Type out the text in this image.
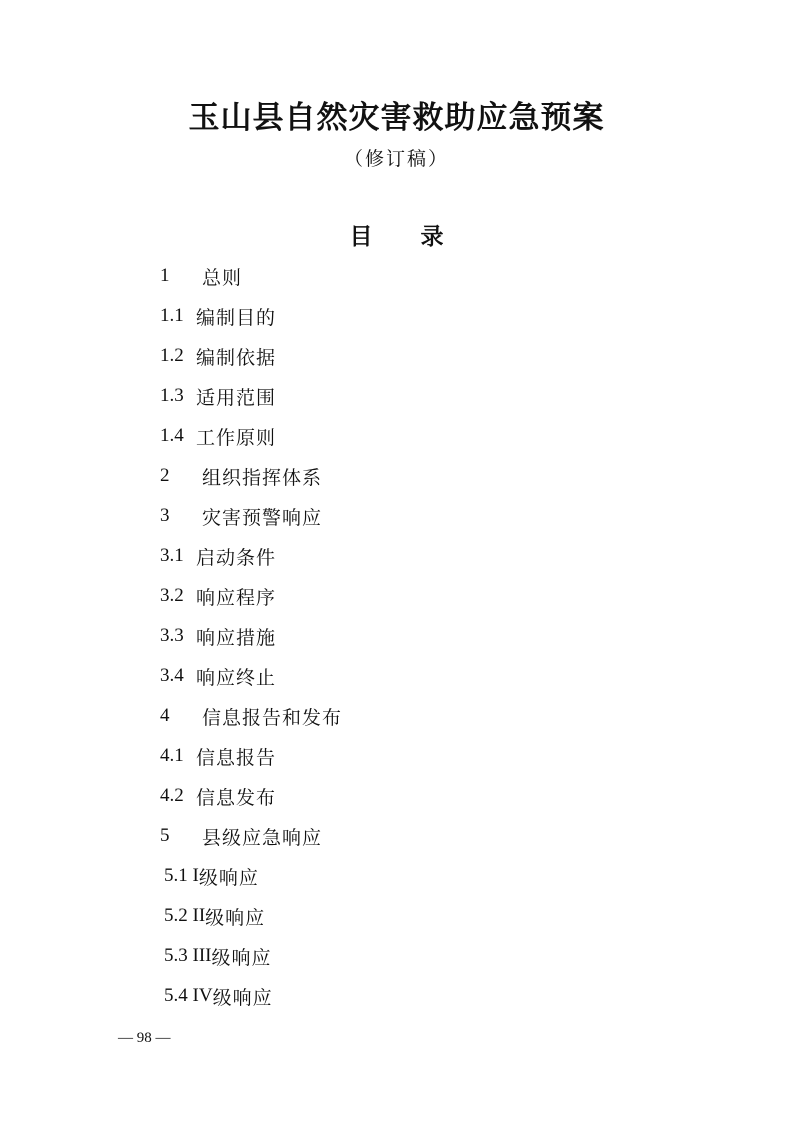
玉山县自然灾害救助应急预案
（修订稿）
目 录
1	总则
1.1 编制目的
1.2 编制依据
1.3 适用范围
1.4 工作原则
2	组织指挥体系
3	灾害预警响应
3.1 启动条件
3.2 响应程序
3.3 响应措施
3.4 响应终止
4	信息报告和发布
4.1 信息报告
4.2 信息发布
5	县级应急响应
5.1 I 级响应
5.2 II 级响应
5.3 III 级响应
5.4 IV 级响应
— 98 —
